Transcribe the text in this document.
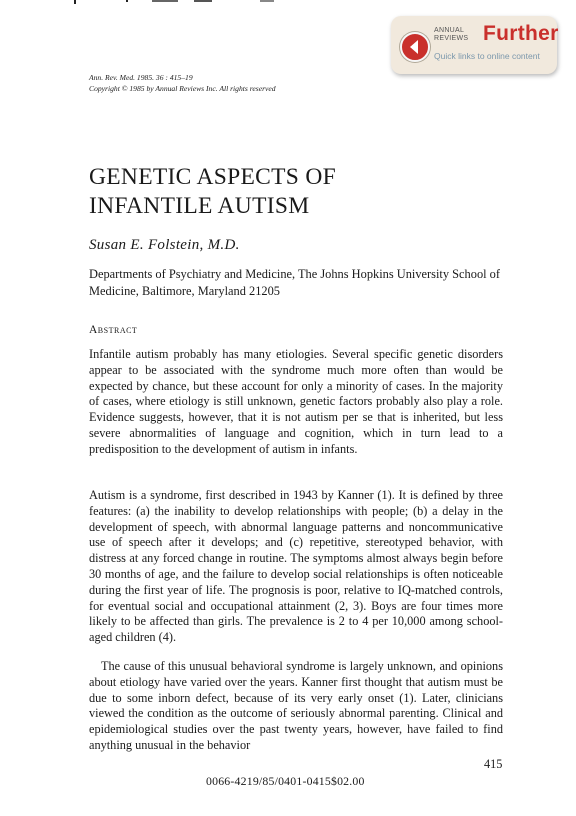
ANNUAL
REVIEWS Further
Quick links to online content
Ann. Rev. Med. 1985. 36 : 415–19
Copyright © 1985 by Annual Reviews Inc. All rights reserved
GENETIC ASPECTS OF
INFANTILE AUTISM
Susan E. Folstein, M.D.
Departments of Psychiatry and Medicine, The Johns Hopkins University School of Medicine, Baltimore, Maryland 21205
Abstract

Infantile autism probably has many etiologies. Several specific genetic disorders appear to be associated with the syndrome much more often than would be expected by chance, but these account for only a minority of cases. In the majority of cases, where etiology is still unknown, genetic factors probably also play a role. Evidence suggests, however, that it is not autism per se that is inherited, but less severe abnormalities of language and cognition, which in turn lead to a predisposition to the development of autism in infants.

Autism is a syndrome, first described in 1943 by Kanner (1). It is defined by three features: (a) the inability to develop relationships with people; (b) a delay in the development of speech, with abnormal language patterns and noncommunicative use of speech after it develops; and (c) repetitive, stereotyped behavior, with distress at any forced change in routine. The symptoms almost always begin before 30 months of age, and the failure to develop social relationships is often noticeable during the first year of life. The prognosis is poor, relative to IQ-matched controls, for eventual social and occupational attainment (2, 3). Boys are four times more likely to be affected than girls. The prevalence is 2 to 4 per 10,000 among school-aged children (4).

The cause of this unusual behavioral syndrome is largely unknown, and opinions about etiology have varied over the years. Kanner first thought that autism must be due to some inborn defect, because of its very early onset (1). Later, clinicians viewed the condition as the outcome of seriously abnormal parenting. Clinical and epidemiological studies over the past twenty years, however, have failed to find anything unusual in the behavior

415
0066-4219/85/0401-0415$02.00
